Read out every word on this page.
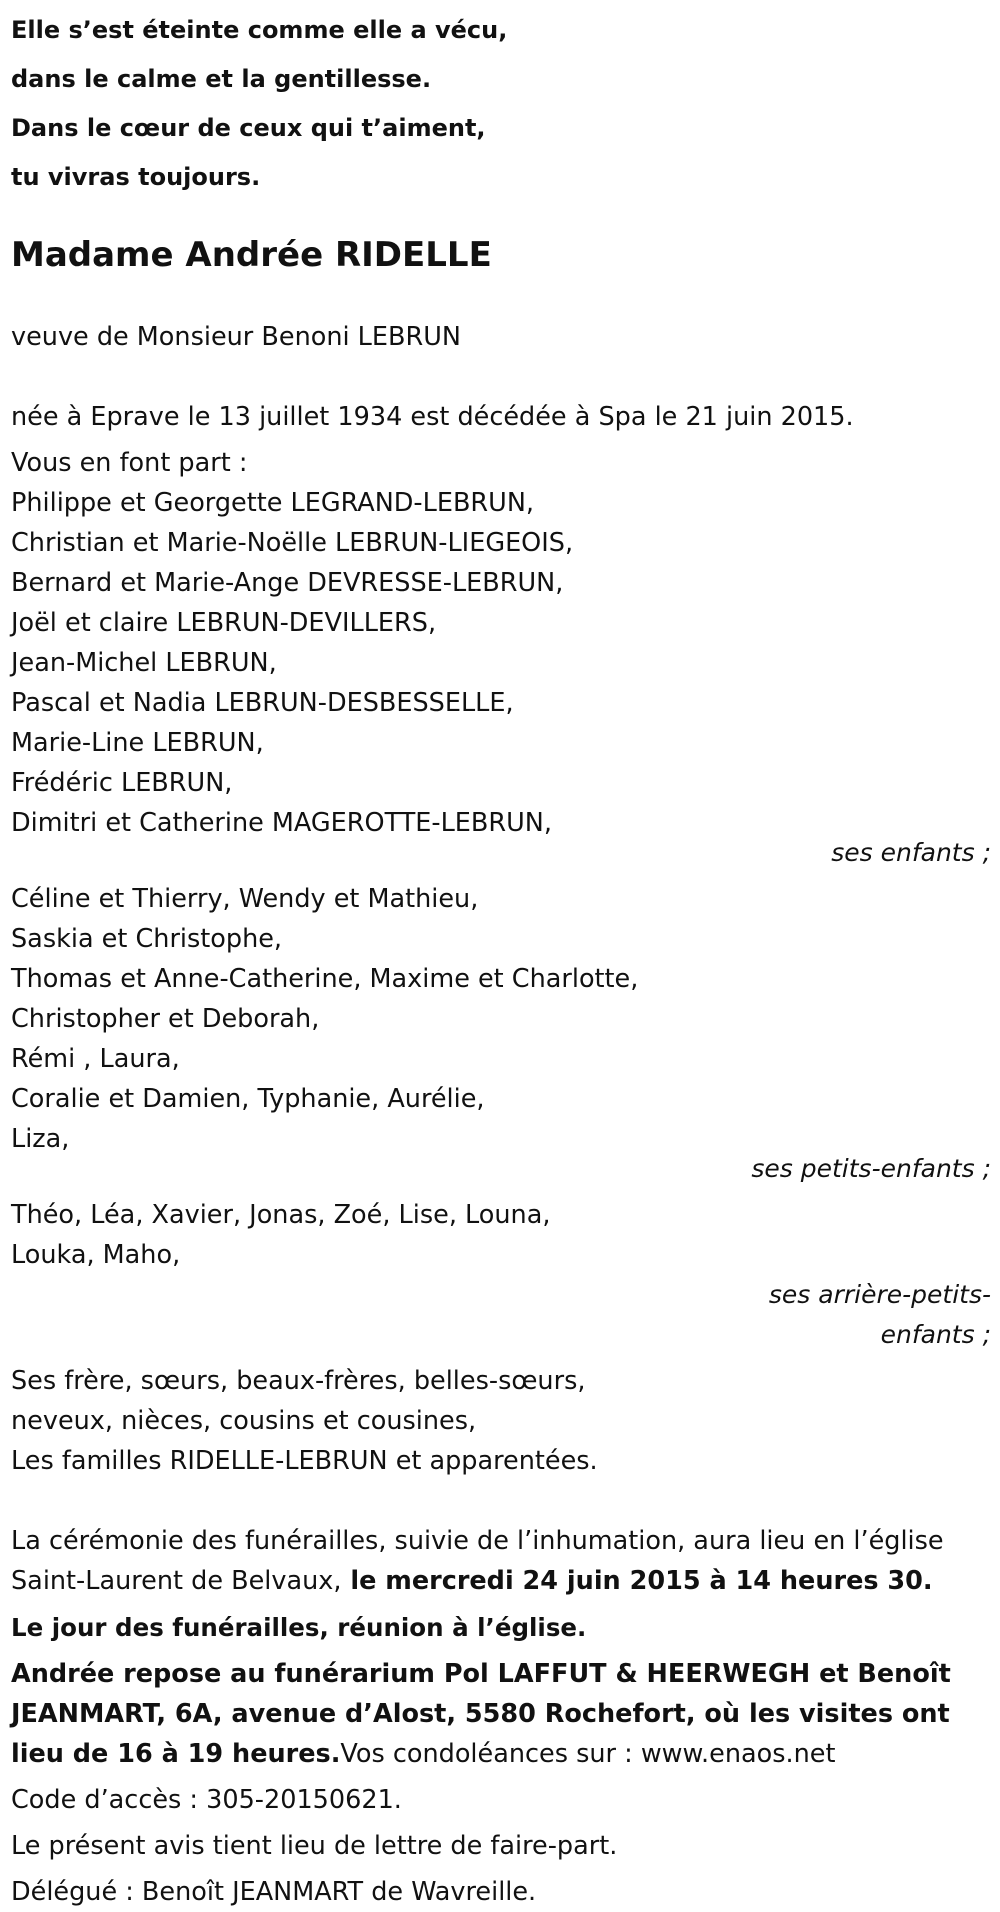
Elle s’est éteinte comme elle a vécu,
dans le calme et la gentillesse.
Dans le cœur de ceux qui t’aiment,
tu vivras toujours.
Madame Andrée RIDELLE

veuve de Monsieur Benoni LEBRUN

née à Eprave le 13 juillet 1934 est décédée à Spa le 21 juin 2015.

Vous en font part :

Philippe et Georgette LEGRAND-LEBRUN,

Christian et Marie-Noëlle LEBRUN-LIEGEOIS,

Bernard et Marie-Ange DEVRESSE-LEBRUN,

Joël et claire LEBRUN-DEVILLERS,

Jean-Michel LEBRUN,

Pascal et Nadia LEBRUN-DESBESSELLE,

Marie-Line LEBRUN,

Frédéric LEBRUN,

Dimitri et Catherine MAGEROTTE-LEBRUN,

ses enfants ;

Céline et Thierry, Wendy et Mathieu,

Saskia et Christophe,

Thomas et Anne-Catherine, Maxime et Charlotte,

Christopher et Deborah,

Rémi , Laura,

Coralie et Damien, Typhanie, Aurélie,

Liza,

ses petits-enfants ;

Théo, Léa, Xavier, Jonas, Zoé, Lise, Louna,

Louka, Maho,

ses arrière-petits-enfants ;

Ses frère, sœurs, beaux-frères, belles-sœurs,

neveux, nièces, cousins et cousines,

Les familles RIDELLE-LEBRUN et apparentées.

La cérémonie des funérailles, suivie de l’inhumation, aura lieu en l’église Saint-Laurent de Belvaux, le mercredi 24 juin 2015 à 14 heures 30.

Le jour des funérailles, réunion à l’église.

Andrée repose au funérarium Pol LAFFUT & HEERWEGH et Benoît JEANMART, 6A, avenue d’Alost, 5580 Rochefort, où les visites ont lieu de 16 à 19 heures.Vos condoléances sur : www.enaos.net

Code d’accès : 305-20150621.

Le présent avis tient lieu de lettre de faire-part.

Délégué : Benoît JEANMART de Wavreille.
